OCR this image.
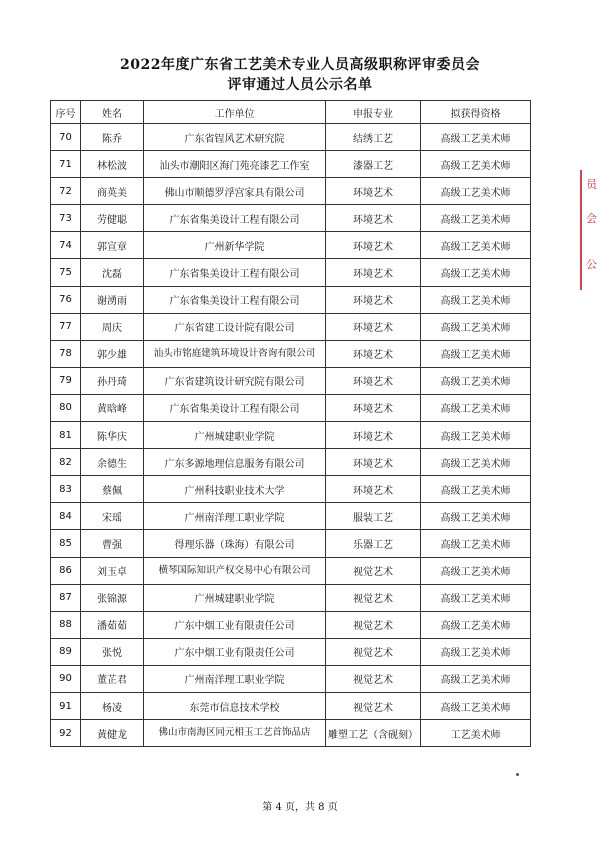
2022年度广东省工艺美术专业人员高级职称评审委员会
评审通过人员公示名单
序号	姓名	工作单位	申报专业	拟获得资格
70	陈乔	广东省锃风艺术研究院	结绣工艺	高级工艺美术师
71	林松波	汕头市潮阳区海门苑亮漆艺工作室	漆器工艺	高级工艺美术师
72	商英美	佛山市顺德罗浮宫家具有限公司	环境艺术	高级工艺美术师
73	劳健聪	广东省集美设计工程有限公司	环境艺术	高级工艺美术师
74	郭宣章	广州新华学院	环境艺术	高级工艺美术师
75	沈磊	广东省集美设计工程有限公司	环境艺术	高级工艺美术师
76	谢湧雨	广东省集美设计工程有限公司	环境艺术	高级工艺美术师
77	周庆	广东省建工设计院有限公司	环境艺术	高级工艺美术师
78	郭少雄	汕头市铭庭建筑环境设计咨询有限公司	环境艺术	高级工艺美术师
79	孙丹琦	广东省建筑设计研究院有限公司	环境艺术	高级工艺美术师
80	黄晗峰	广东省集美设计工程有限公司	环境艺术	高级工艺美术师
81	陈华庆	广州城建职业学院	环境艺术	高级工艺美术师
82	余德生	广东多源地理信息服务有限公司	环境艺术	高级工艺美术师
83	蔡佩	广州科技职业技术大学	环境艺术	高级工艺美术师
84	宋瑶	广州南洋理工职业学院	服装工艺	高级工艺美术师
85	曹强	得理乐器（珠海）有限公司	乐器工艺	高级工艺美术师
86	刘玉卓	横琴国际知识产权交易中心有限公司	视觉艺术	高级工艺美术师
87	张锦源	广州城建职业学院	视觉艺术	高级工艺美术师
88	潘茹茹	广东中烟工业有限责任公司	视觉艺术	高级工艺美术师
89	张悦	广东中烟工业有限责任公司	视觉艺术	高级工艺美术师
90	董芷君	广州南洋理工职业学院	视觉艺术	高级工艺美术师
91	杨凌	东莞市信息技术学校	视觉艺术	高级工艺美术师
92	黄健龙	佛山市南海区同元相玉工艺首饰品店	雕塑工艺（含砚刻）	工艺美术师
员
会
公
第 4 页，共 8 页
